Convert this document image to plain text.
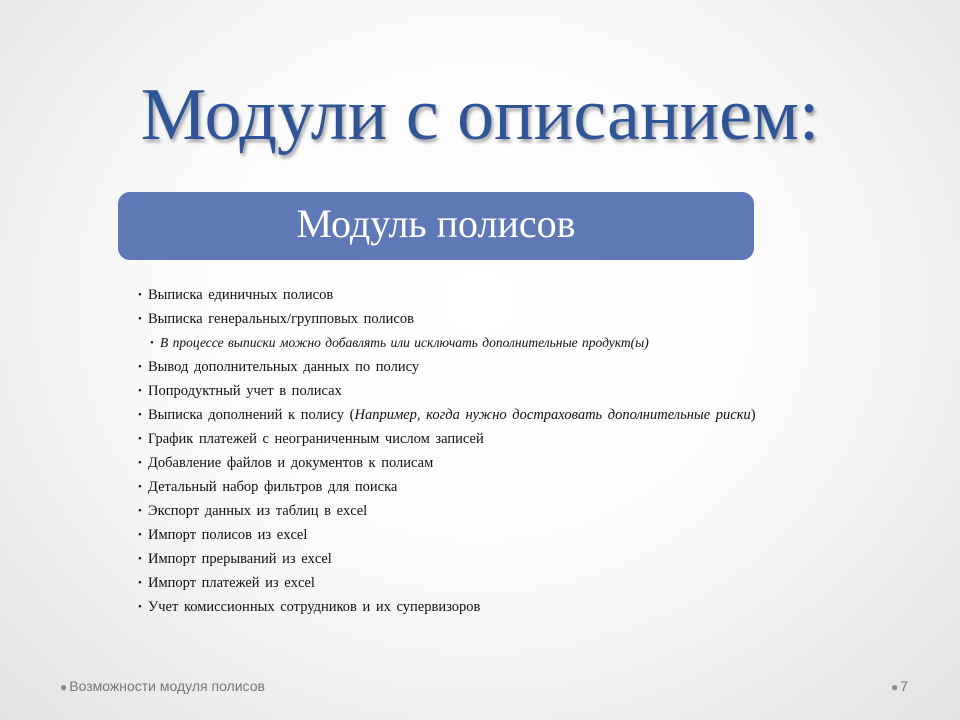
Модули с описанием:
Модуль полисов
• Выписка единичных полисов
• Выписка генеральных/групповых полисов
• В процессе выписки можно добавлять или исключать дополнительные продукт(ы)
• Вывод дополнительных данных по полису
• Попродуктный учет в полисах
• Выписка дополнений к полису (Например, когда нужно достраховать дополнительные риски)
• График платежей с неограниченным числом записей
• Добавление файлов и документов к полисам
• Детальный набор фильтров для поиска
• Экспорт данных из таблиц в excel
• Импорт полисов из excel
• Импорт прерываний из excel
• Импорт платежей из excel
• Учет комиссионных сотрудников и их супервизоров
● Возможности модуля полисов	● 7
